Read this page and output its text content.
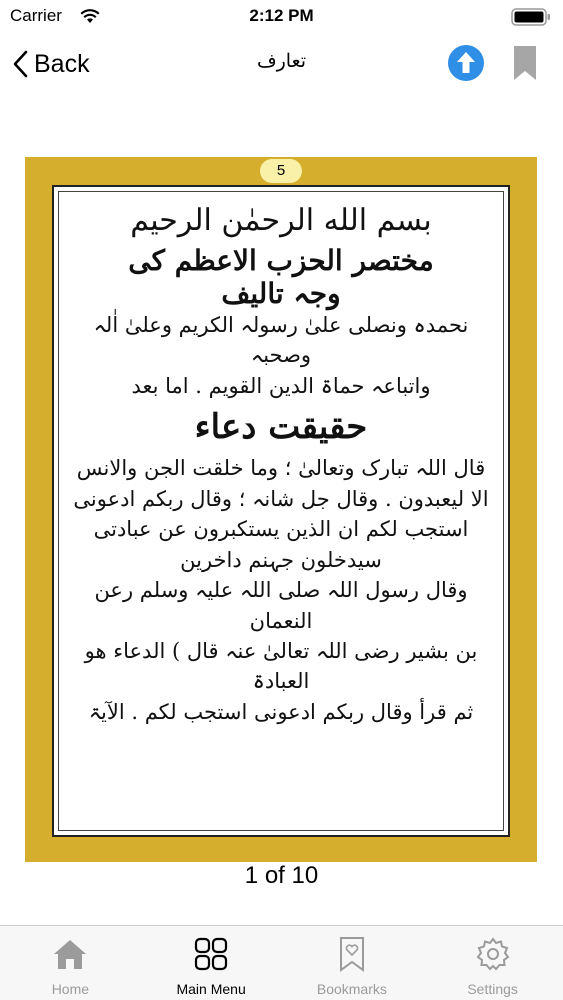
Carrier	2:12 PM
Back	تعارف
5
بسم الله الرحمٰن الرحیم
مختصر الحزب الاعظم کی
وجہ تالیف
نحمدہ ونصلی علیٰ رسولہ الکریم وعلیٰ اٰلہ وصحبہ
واتباعہ حماۃ الدین القویم . اما بعد
حقیقت دعاء
قال اللہ تبارک وتعالیٰ ؛ وما خلقت الجن والانس
الا لیعبدون . وقال جل شانہ ؛ وقال ربکم ادعونی
استجب لکم ان الذین یستکبرون عن عبادتی
سیدخلون جہنم داخرین
وقال رسول اللہ صلی اللہ علیہ وسلم رعن النعمان
بن بشیر رضی اللہ تعالیٰ عنہ قال ) الدعاء ھو العبادۃ
ثم قرأ وقال ربکم ادعونی استجب لکم . الآیۃ
1 of 10
Home	Main Menu	Bookmarks	Settings
